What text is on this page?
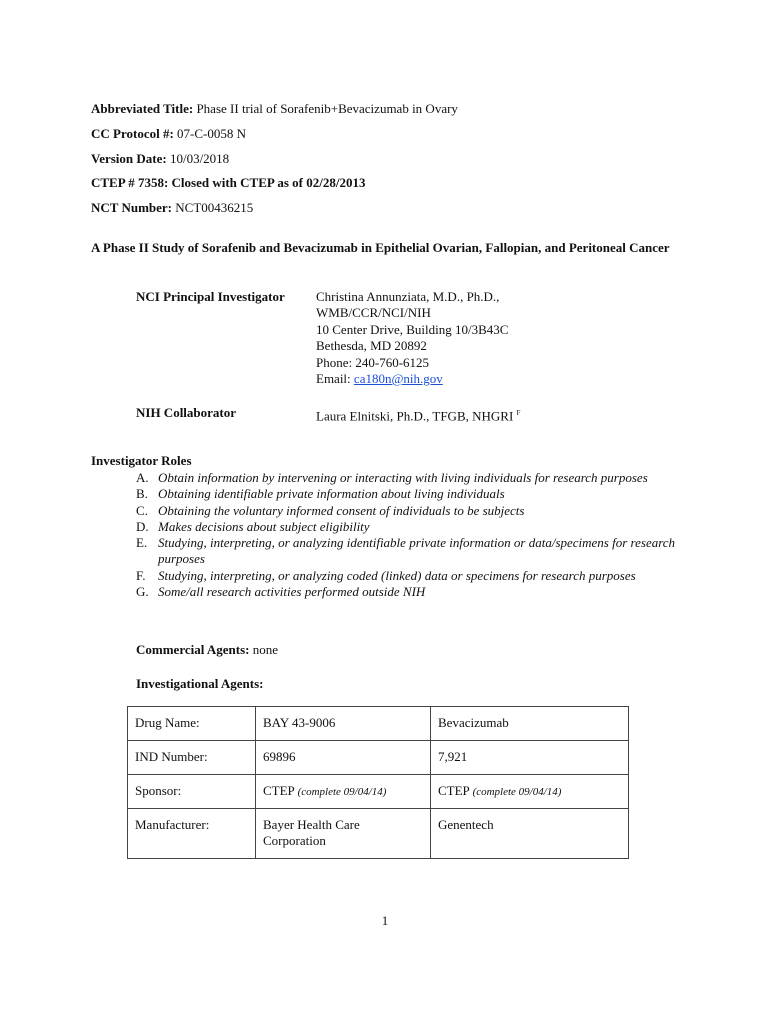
Abbreviated Title: Phase II trial of Sorafenib+Bevacizumab in Ovary
CC Protocol #: 07-C-0058 N
Version Date: 10/03/2018
CTEP # 7358: Closed with CTEP as of 02/28/2013
NCT Number: NCT00436215
A Phase II Study of Sorafenib and Bevacizumab in Epithelial Ovarian, Fallopian, and Peritoneal Cancer
NCI Principal Investigator Christina Annunziata, M.D., Ph.D.,
WMB/CCR/NCI/NIH
10 Center Drive, Building 10/3B43C
Bethesda, MD 20892
Phone: 240-760-6125
Email: ca180n@nih.gov
NIH Collaborator	Laura Elnitski, Ph.D., TFGB, NHGRI $^F$
Investigator Roles
A. Obtain information by intervening or interacting with living individuals for research purposes
B. Obtaining identifiable private information about living individuals
C. Obtaining the voluntary informed consent of individuals to be subjects
D. Makes decisions about subject eligibility
E. Studying, interpreting, or analyzing identifiable private information or data/specimens for research purposes
F. Studying, interpreting, or analyzing coded (linked) data or specimens for research purposes
G. Some/all research activities performed outside NIH
Commercial Agents: none
Investigational Agents:
Drug Name:	BAY 43-9006	Bevacizumab
IND Number:	69896	7,921
Sponsor:	CTEP (complete 09/04/14)	CTEP (complete 09/04/14)
Manufacturer:	Bayer Health Care Corporation	Genentech
1
